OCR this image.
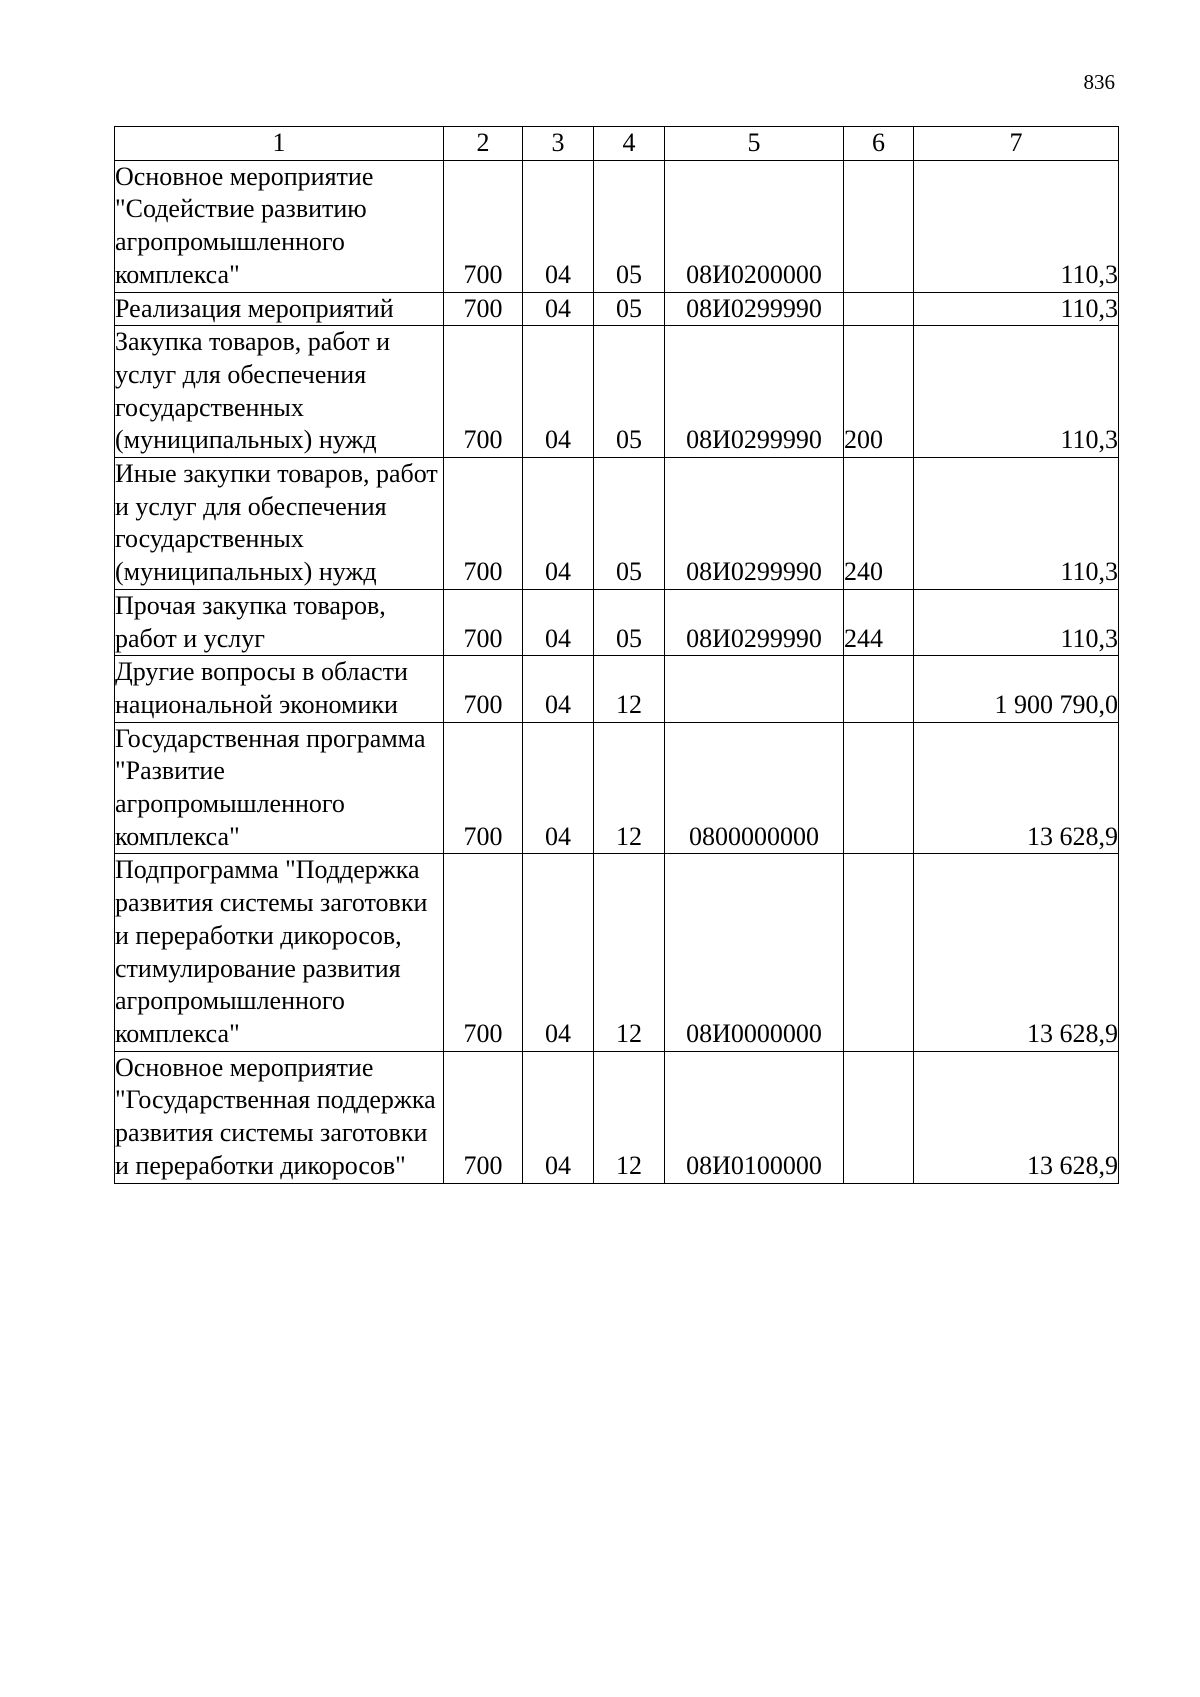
836
1	2	3	4	5	6	7
Основное мероприятие "Содействие развитию агропромышленного комплекса"	700	04	05	08И0200000		110,3
Реализация мероприятий	700	04	05	08И0299990		110,3
Закупка товаров, работ и услуг для обеспечения государственных (муниципальных) нужд	700	04	05	08И0299990	200	110,3
Иные закупки товаров, работ и услуг для обеспечения государственных (муниципальных) нужд	700	04	05	08И0299990	240	110,3
Прочая закупка товаров, работ и услуг	700	04	05	08И0299990	244	110,3
Другие вопросы в области национальной экономики	700	04	12			1 900 790,0
Государственная программа "Развитие агропромышленного комплекса"	700	04	12	0800000000		13 628,9
Подпрограмма "Поддержка развития системы заготовки и переработки дикоросов, стимулирование развития агропромышленного комплекса"	700	04	12	08И0000000		13 628,9
Основное мероприятие "Государственная поддержка развития системы заготовки и переработки дикоросов"	700	04	12	08И0100000		13 628,9
